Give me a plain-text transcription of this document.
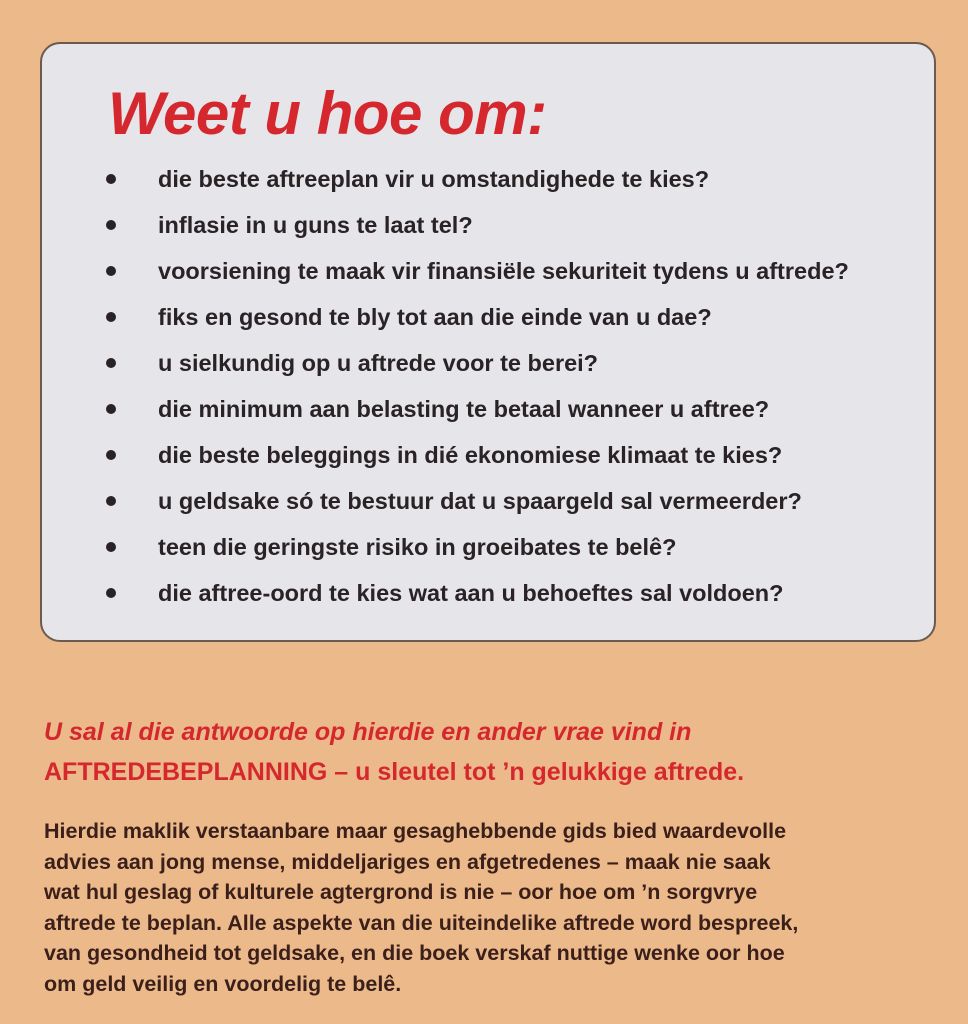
Weet u hoe om:
die beste aftreeplan vir u omstandighede te kies?
inflasie in u guns te laat tel?
voorsiening te maak vir finansiële sekuriteit tydens u aftrede?
fiks en gesond te bly tot aan die einde van u dae?
u sielkundig op u aftrede voor te berei?
die minimum aan belasting te betaal wanneer u aftree?
die beste beleggings in dié ekonomiese klimaat te kies?
u geldsake só te bestuur dat u spaargeld sal vermeerder?
teen die geringste risiko in groeibates te belê?
die aftree-oord te kies wat aan u behoeftes sal voldoen?

U sal al die antwoorde op hierdie en ander vrae vind in
AFTREDEBEPLANNING – u sleutel tot ’n gelukkige aftrede.

Hierdie maklik verstaanbare maar gesaghebbende gids bied waardevolle
advies aan jong mense, middeljariges en afgetredenes – maak nie saak
wat hul geslag of kulturele agtergrond is nie – oor hoe om ’n sorgvrye
aftrede te beplan. Alle aspekte van die uiteindelike aftrede word bespreek,
van gesondheid tot geldsake, en die boek verskaf nuttige wenke oor hoe
om geld veilig en voordelig te belê.
